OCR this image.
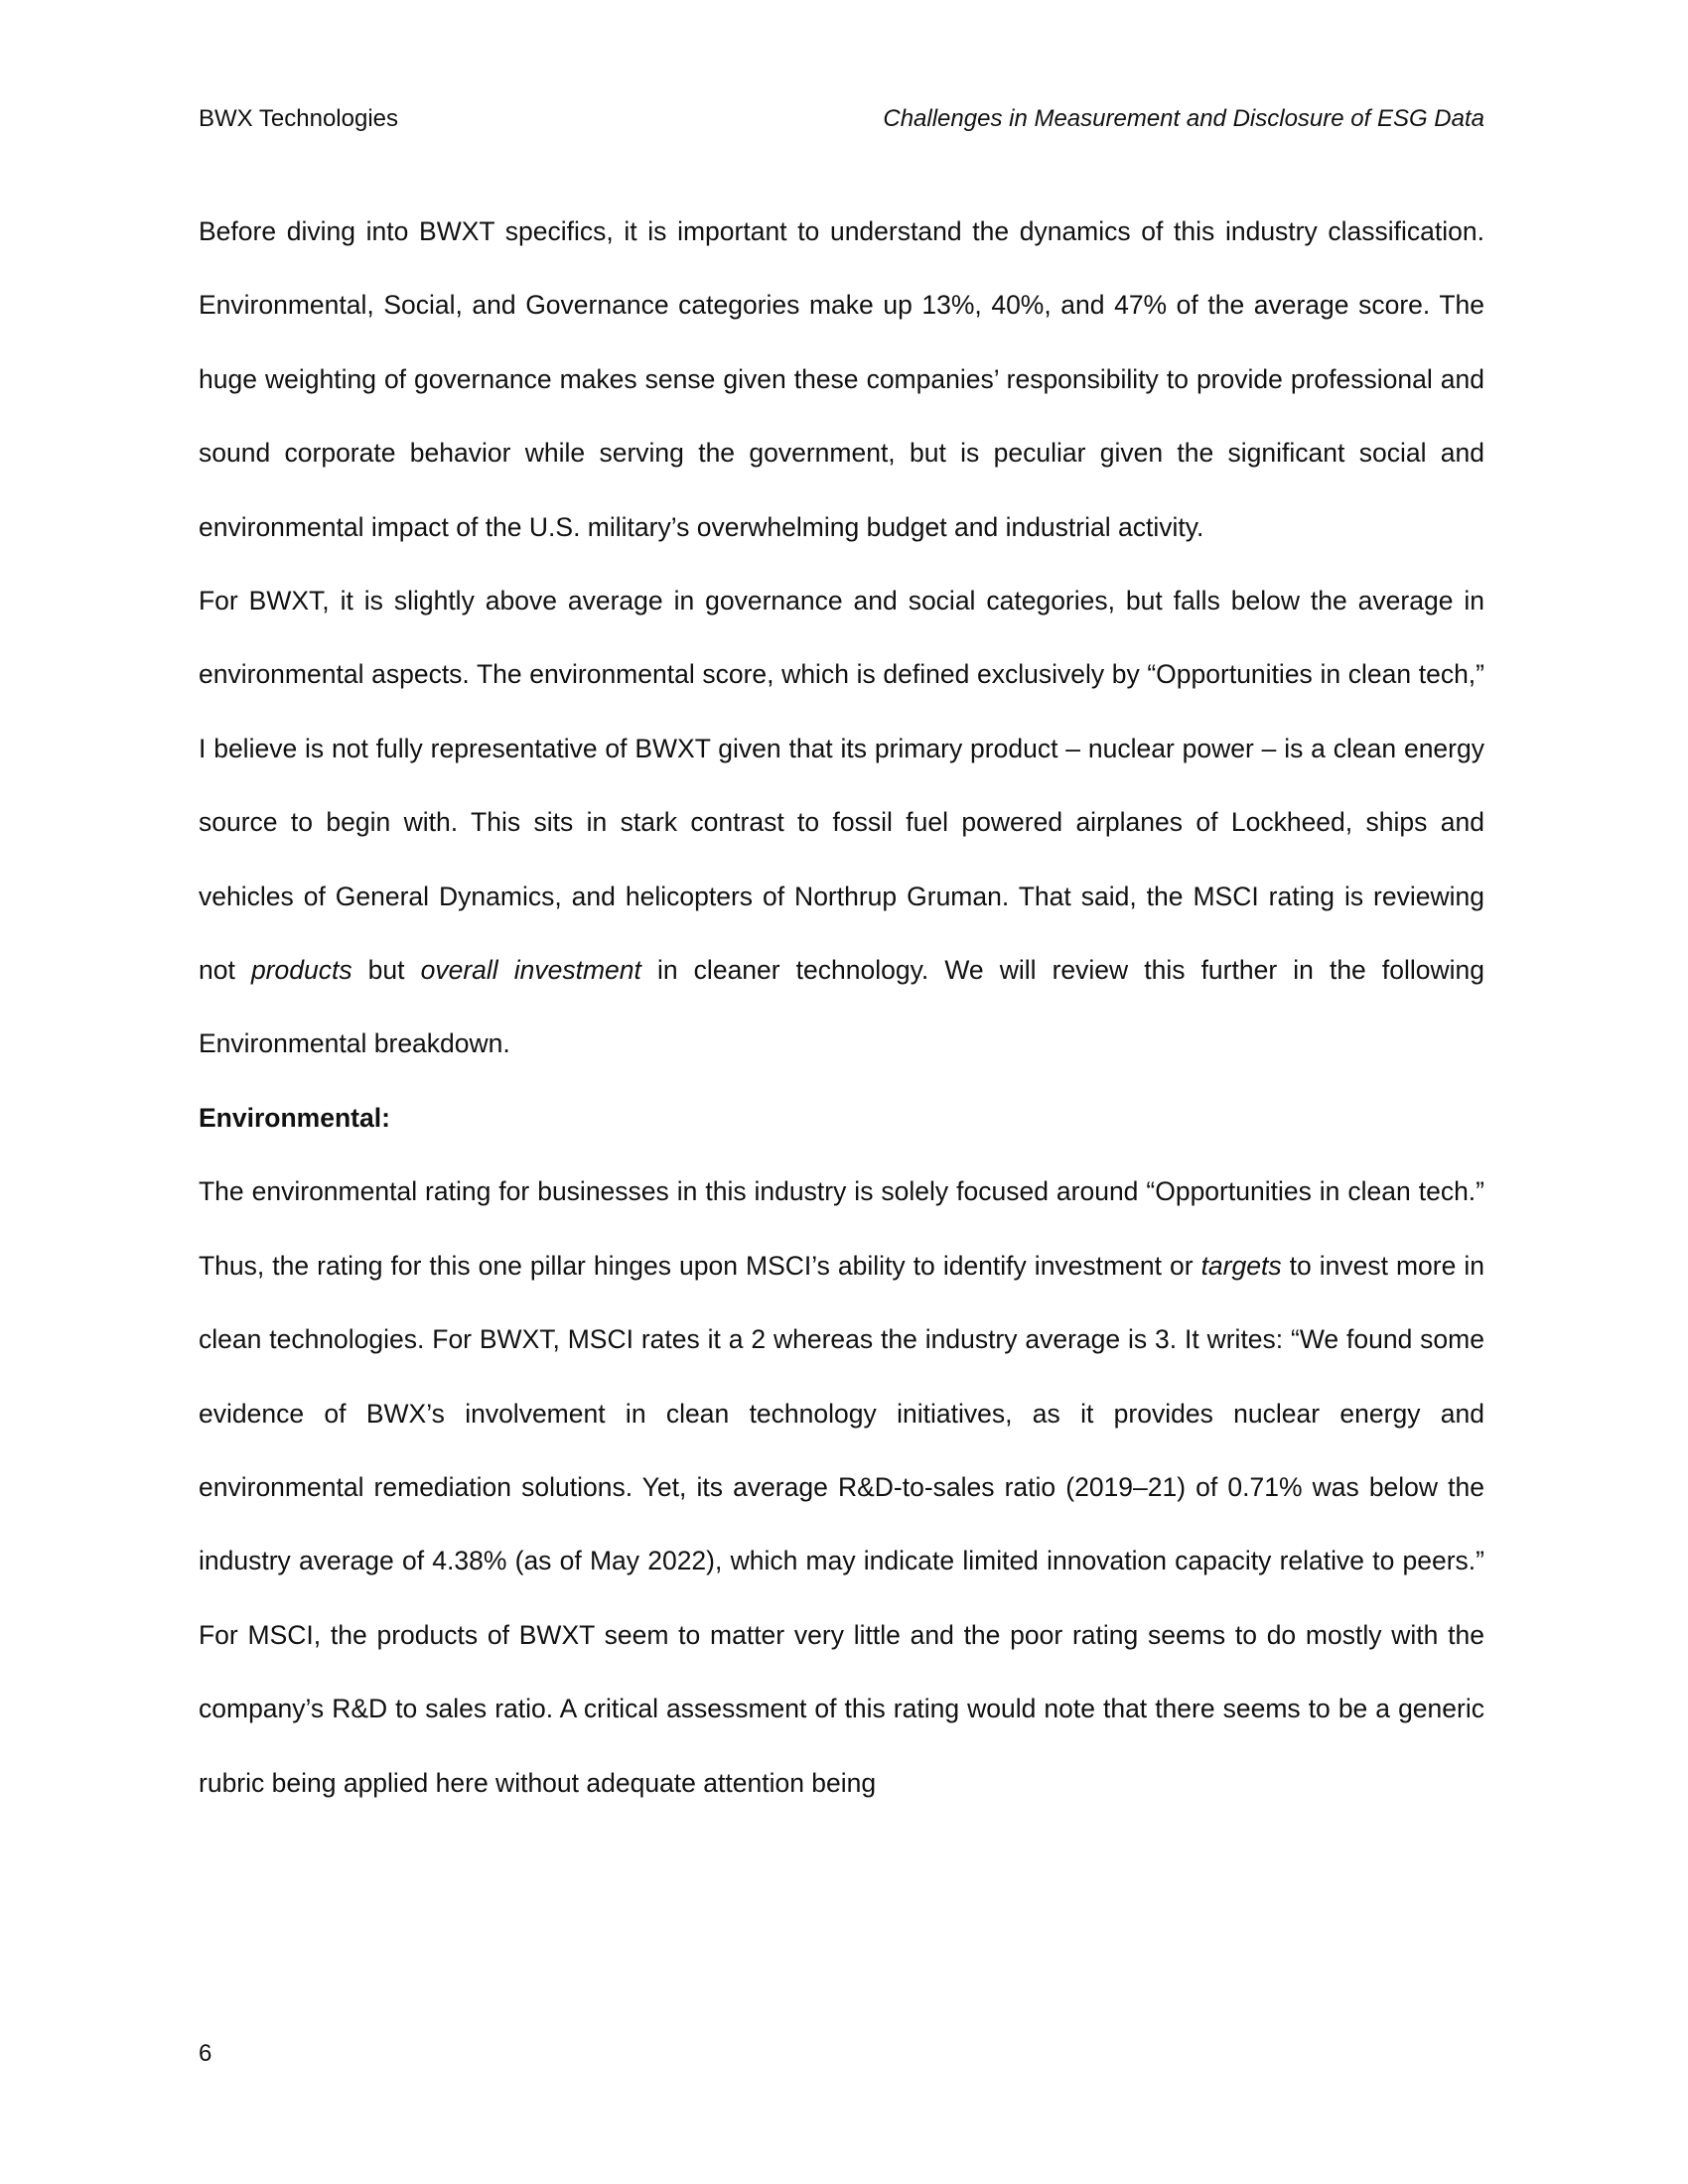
BWX Technologies	Challenges in Measurement and Disclosure of ESG Data

Before diving into BWXT specifics, it is important to understand the dynamics of this industry classification. Environmental, Social, and Governance categories make up 13%, 40%, and 47% of the average score. The huge weighting of governance makes sense given these companies’ responsibility to provide professional and sound corporate behavior while serving the government, but is peculiar given the significant social and environmental impact of the U.S. military’s overwhelming budget and industrial activity.

For BWXT, it is slightly above average in governance and social categories, but falls below the average in environmental aspects. The environmental score, which is defined exclusively by “Opportunities in clean tech,” I believe is not fully representative of BWXT given that its primary product – nuclear power – is a clean energy source to begin with. This sits in stark contrast to fossil fuel powered airplanes of Lockheed, ships and vehicles of General Dynamics, and helicopters of Northrup Gruman. That said, the MSCI rating is reviewing not products but overall investment in cleaner technology. We will review this further in the following Environmental breakdown.

Environmental:

The environmental rating for businesses in this industry is solely focused around “Opportunities in clean tech.” Thus, the rating for this one pillar hinges upon MSCI’s ability to identify investment or targets to invest more in clean technologies. For BWXT, MSCI rates it a 2 whereas the industry average is 3. It writes: “We found some evidence of BWX’s involvement in clean technology initiatives, as it provides nuclear energy and environmental remediation solutions. Yet, its average R&D-to-sales ratio (2019–21) of 0.71% was below the industry average of 4.38% (as of May 2022), which may indicate limited innovation capacity relative to peers.” For MSCI, the products of BWXT seem to matter very little and the poor rating seems to do mostly with the company’s R&D to sales ratio. A critical assessment of this rating would note that there seems to be a generic rubric being applied here without adequate attention being

6
